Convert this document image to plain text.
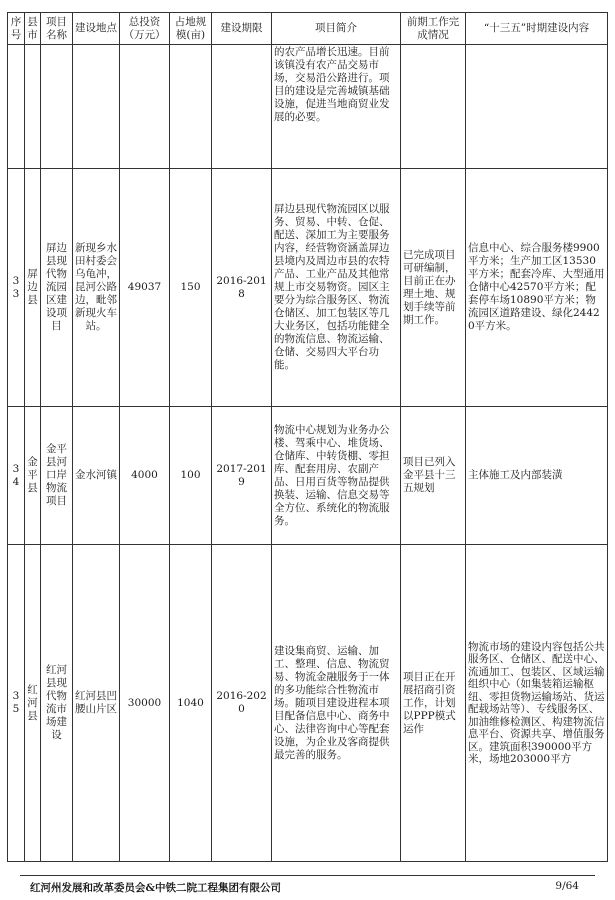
序号	县市	项目名称	建设地点	总投资（万元）	占地规模(亩)	建设期限	项目简介	前期工作完成情况	“十三五”时期建设内容
							的农产品增长迅速。目前该镇没有农产品交易市场，交易沿公路进行。项目的建设是完善城镇基础设施，促进当地商贸业发展的必要。		
33	屏边县	屏边县现代物流园区建设项目	新现乡水田村委会乌龟冲，昆河公路边，毗邻新现火车站。	49037	150	2016-2018	屏边县现代物流园区以服务、贸易、中转、仓促、配送、深加工为主要服务内容，经营物资涵盖屏边县境内及周边市县的农特产品、工业产品及其他常规上市交易物资。园区主要分为综合服务区、物流仓储区、加工包装区等几大业务区，包括功能健全的物流信息、物流运输、仓储、交易四大平台功能。	已完成项目可研编制，目前正在办理土地、规划手续等前期工作。	信息中心、综合服务楼9900平方米；生产加工区13530平方米；配套冷库、大型通用仓储中心42570平方米；配套停车场10890平方米；物流园区道路建设、绿化24420平方米。
34	金平县	金平县河口岸物流项目	金水河镇	4000	100	2017-2019	物流中心规划为业务办公楼、驾乘中心、堆货场、仓储库、中转货棚、零担库、配套用房、农副产品、日用百货等物品提供换装、运输、信息交易等全方位、系统化的物流服务。	项目已列入金平县十三五规划	主体施工及内部装潢
35	红河县	红河县现代物流市场建设	红河县凹腰山片区	30000	1040	2016-2020	建设集商贸、运输、加工、整理、信息、物流贸易、物流金融服务于一体的多功能综合性物流市场。随项目建设进程本项目配备信息中心、商务中心、法律咨询中心等配套设施，为企业及客商提供最完善的服务。	项目正在开展招商引资工作，计划以PPP模式运作	物流市场的建设内容包括公共服务区、仓储区、配送中心、流通加工、包装区、区域运输组织中心（如集装箱运输枢纽、零担货物运输场站、货运配载场站等）、专线服务区、加油维修检测区、构建物流信息平台、资源共享、增值服务区。建筑面积390000平方米，场地203000平方
红河州发展和改革委员会&中铁二院工程集团有限公司	9/64
